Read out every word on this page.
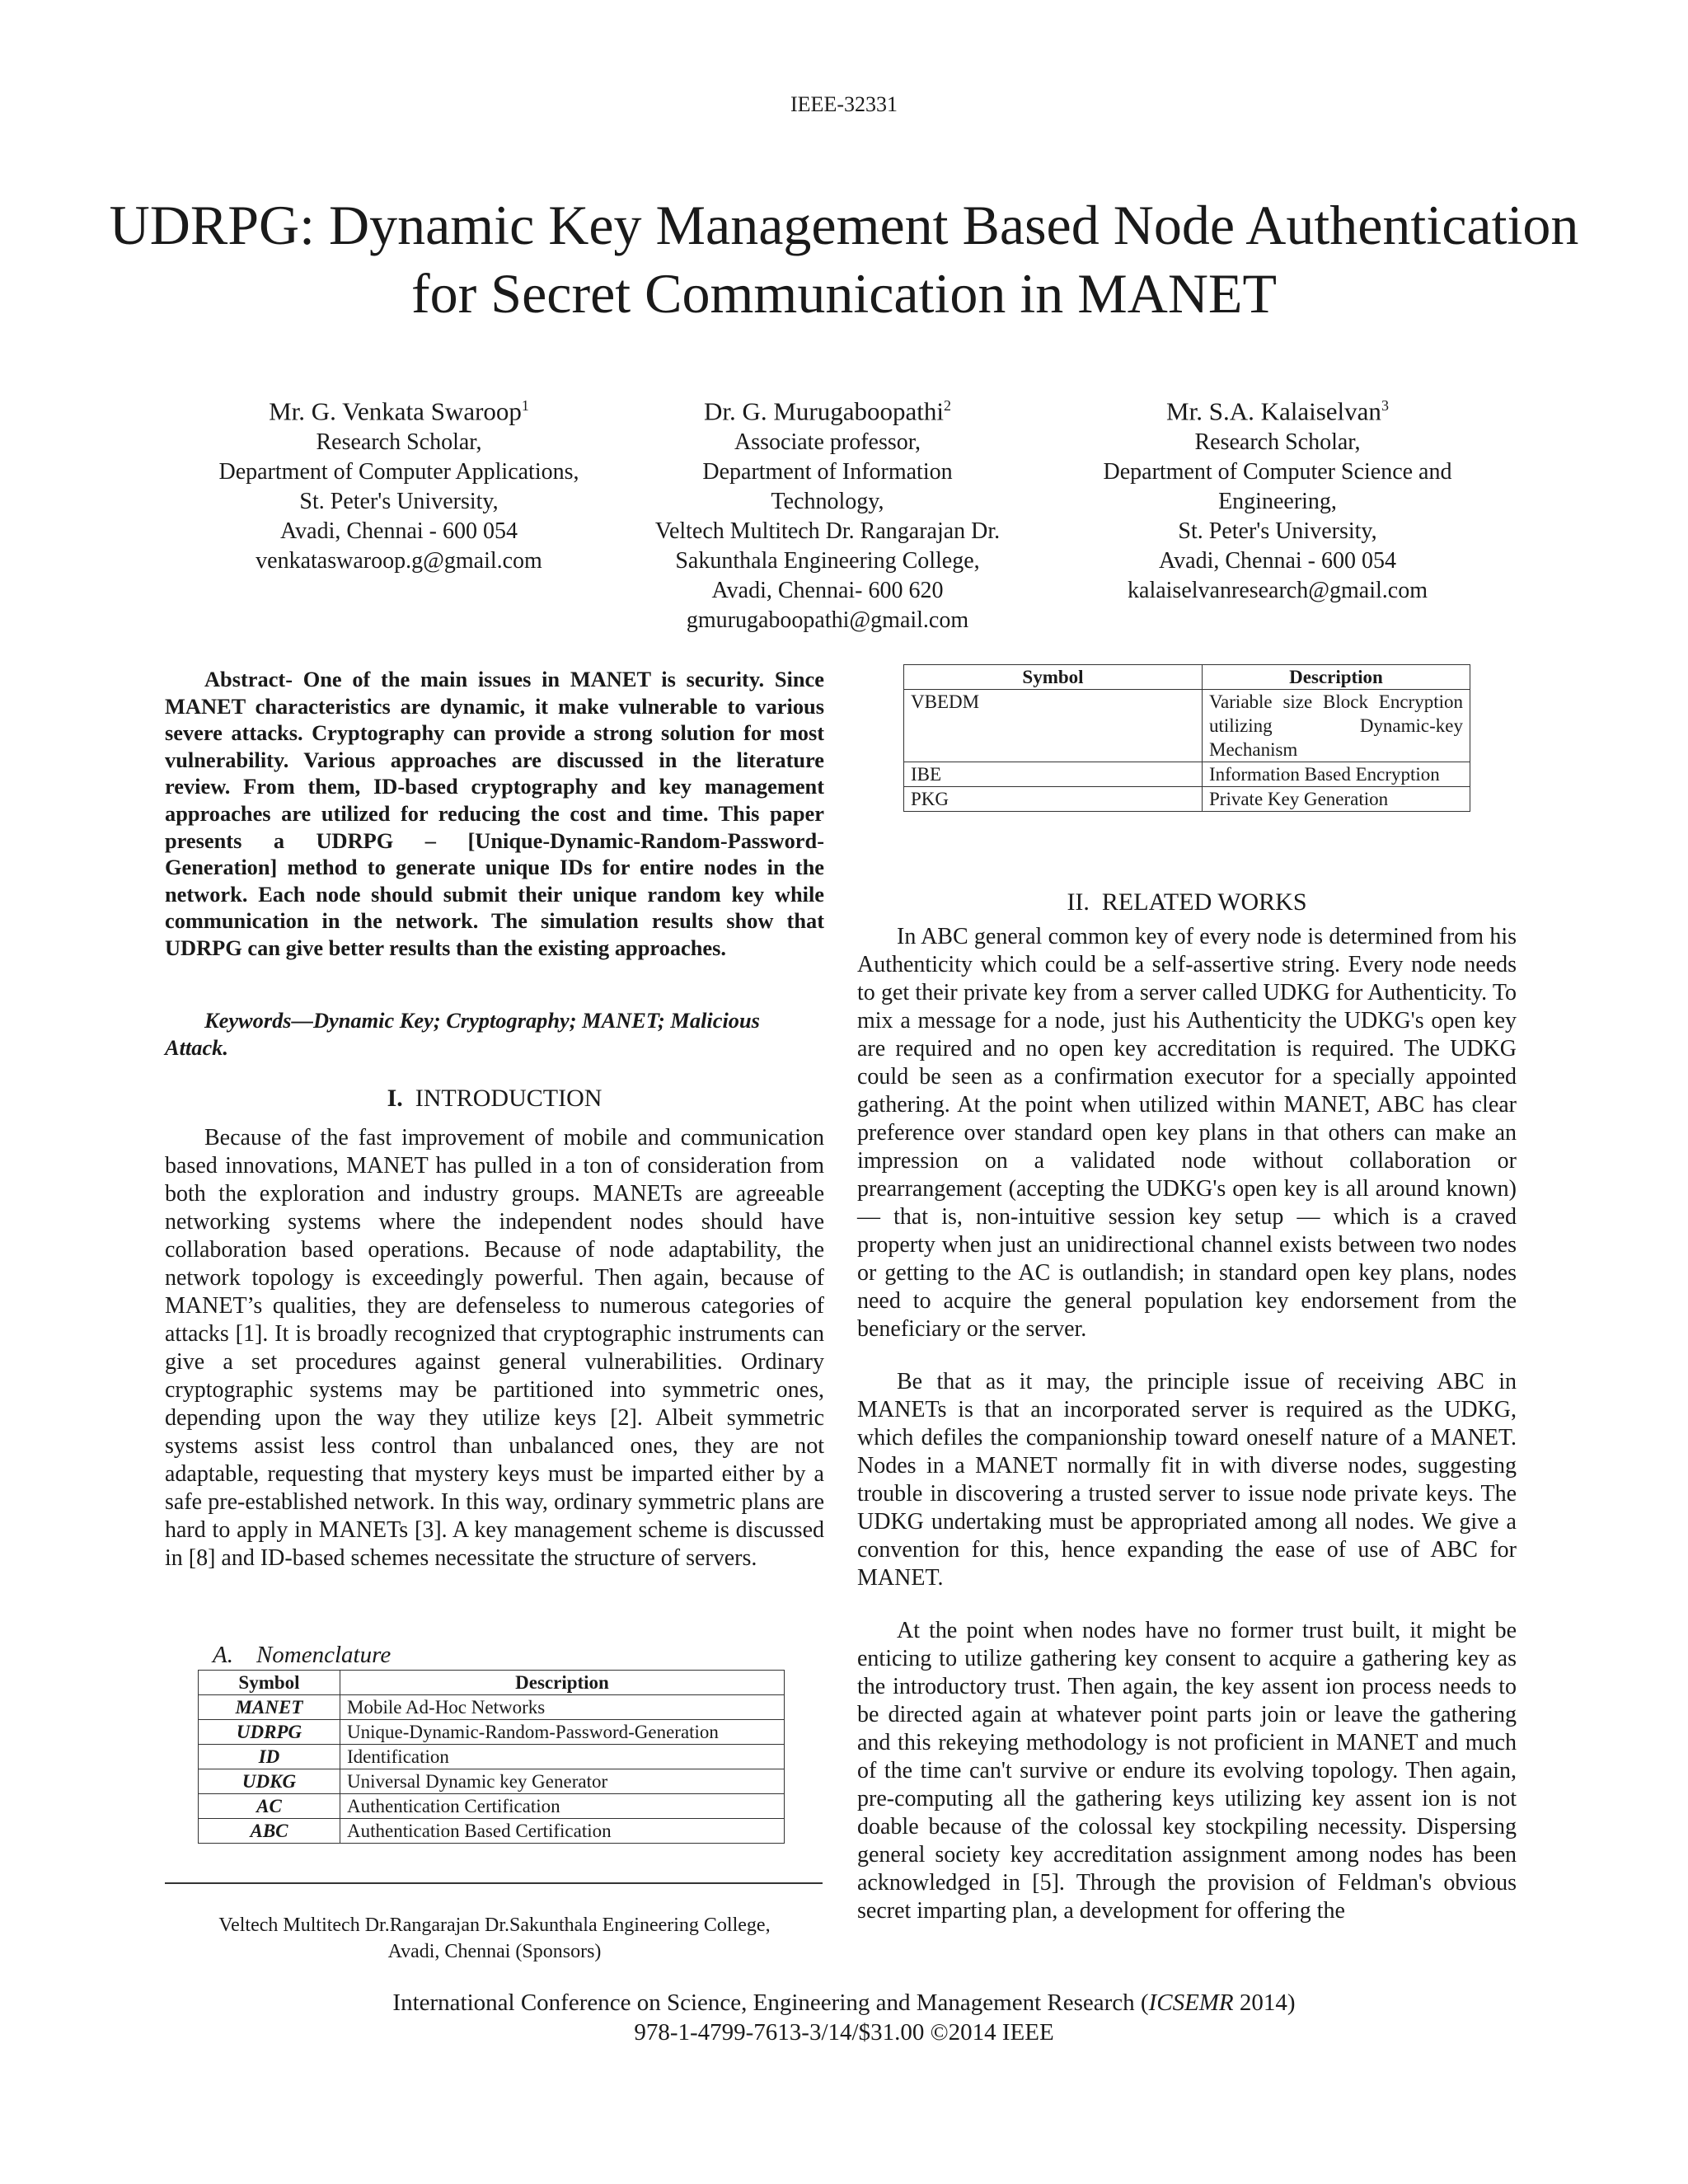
IEEE-32331
UDRPG: Dynamic Key Management Based Node Authentication for Secret Communication in MANET
Mr. G. Venkata Swaroop$^1$
Research Scholar,
Department of Computer Applications,
St. Peter's University,
Avadi, Chennai - 600 054
venkataswaroop.g@gmail.com
Dr. G. Murugaboopathi$^2$
Associate professor,
Department of Information
Technology,
Veltech Multitech Dr. Rangarajan Dr.
Sakunthala Engineering College,
Avadi, Chennai- 600 620
gmurugaboopathi@gmail.com
Mr. S.A. Kalaiselvan$^3$
Research Scholar,
Department of Computer Science and
Engineering,
St. Peter's University,
Avadi, Chennai - 600 054
kalaiselvanresearch@gmail.com
Abstract- One of the main issues in MANET is security. Since MANET characteristics are dynamic, it make vulnerable to various severe attacks. Cryptography can provide a strong solution for most vulnerability. Various approaches are discussed in the literature review. From them, ID-based cryptography and key management approaches are utilized for reducing the cost and time. This paper presents a UDRPG – [Unique-Dynamic-Random-Password-Generation] method to generate unique IDs for entire nodes in the network. Each node should submit their unique random key while communication in the network. The simulation results show that UDRPG can give better results than the existing approaches.
Keywords—Dynamic Key; Cryptography; MANET; Malicious Attack.
I. INTRODUCTION

Because of the fast improvement of mobile and communication based innovations, MANET has pulled in a ton of consideration from both the exploration and industry groups. MANETs are agreeable networking systems where the independent nodes should have collaboration based operations. Because of node adaptability, the network topology is exceedingly powerful. Then again, because of MANET’s qualities, they are defenseless to numerous categories of attacks [1]. It is broadly recognized that cryptographic instruments can give a set procedures against general vulnerabilities. Ordinary cryptographic systems may be partitioned into symmetric ones, depending upon the way they utilize keys [2]. Albeit symmetric systems assist less control than unbalanced ones, they are not adaptable, requesting that mystery keys must be imparted either by a safe pre-established network. In this way, ordinary symmetric plans are hard to apply in MANETs [3]. A key management scheme is discussed in [8] and ID-based schemes necessitate the structure of servers.

A. Nomenclature
Symbol	Description
MANET	Mobile Ad-Hoc Networks
UDRPG	Unique-Dynamic-Random-Password-Generation
ID	Identification
UDKG	Universal Dynamic key Generator
AC	Authentication Certification
ABC	Authentication Based Certification
Veltech Multitech Dr.Rangarajan Dr.Sakunthala Engineering College,
Avadi, Chennai (Sponsors)
Symbol	Description
VBEDM	Variable size Block Encryption utilizing Dynamic-key Mechanism
IBE	Information Based Encryption
PKG	Private Key Generation
II. RELATED WORKS

In ABC general common key of every node is determined from his Authenticity which could be a self-assertive string. Every node needs to get their private key from a server called UDKG for Authenticity. To mix a message for a node, just his Authenticity the UDKG's open key are required and no open key accreditation is required. The UDKG could be seen as a confirmation executor for a specially appointed gathering. At the point when utilized within MANET, ABC has clear preference over standard open key plans in that others can make an impression on a validated node without collaboration or prearrangement (accepting the UDKG's open key is all around known) — that is, non-intuitive session key setup — which is a craved property when just an unidirectional channel exists between two nodes or getting to the AC is outlandish; in standard open key plans, nodes need to acquire the general population key endorsement from the beneficiary or the server.

Be that as it may, the principle issue of receiving ABC in MANETs is that an incorporated server is required as the UDKG, which defiles the companionship toward oneself nature of a MANET. Nodes in a MANET normally fit in with diverse nodes, suggesting trouble in discovering a trusted server to issue node private keys. The UDKG undertaking must be appropriated among all nodes. We give a convention for this, hence expanding the ease of use of ABC for MANET.

At the point when nodes have no former trust built, it might be enticing to utilize gathering key consent to acquire a gathering key as the introductory trust. Then again, the key assent ion process needs to be directed again at whatever point parts join or leave the gathering and this rekeying methodology is not proficient in MANET and much of the time can't survive or endure its evolving topology. Then again, pre-computing all the gathering keys utilizing key assent ion is not doable because of the colossal key stockpiling necessity. Dispersing general society key accreditation assignment among nodes has been acknowledged in [5]. Through the provision of Feldman's obvious secret imparting plan, a development for offering the

International Conference on Science, Engineering and Management Research (ICSEMR 2014)
978-1-4799-7613-3/14/$31.00 ©2014 IEEE
